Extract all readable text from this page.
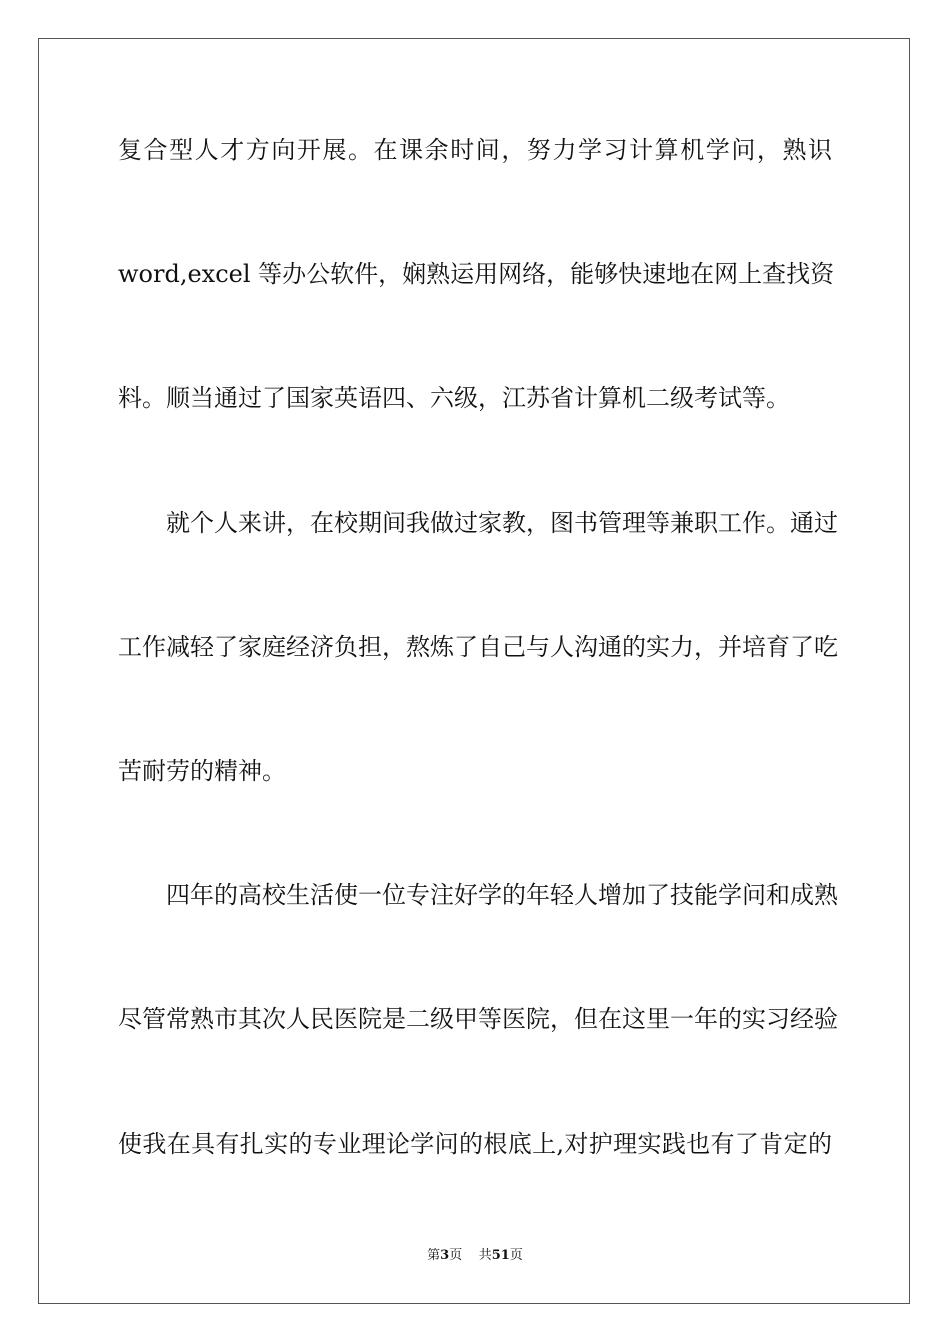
复合型人才方向开展。在课余时间，努力学习计算机学问，熟识
word,excel 等办公软件，娴熟运用网络，能够快速地在网上查找资
料。顺当通过了国家英语四、六级，江苏省计算机二级考试等。
就个人来讲，在校期间我做过家教，图书管理等兼职工作。通过
工作减轻了家庭经济负担，熬炼了自己与人沟通的实力，并培育了吃
苦耐劳的精神。
四年的高校生活使一位专注好学的年轻人增加了技能学问和成熟
尽管常熟市其次人民医院是二级甲等医院，但在这里一年的实习经验
使我在具有扎实的专业理论学问的根底上,对护理实践也有了肯定的
第3页 共51页
